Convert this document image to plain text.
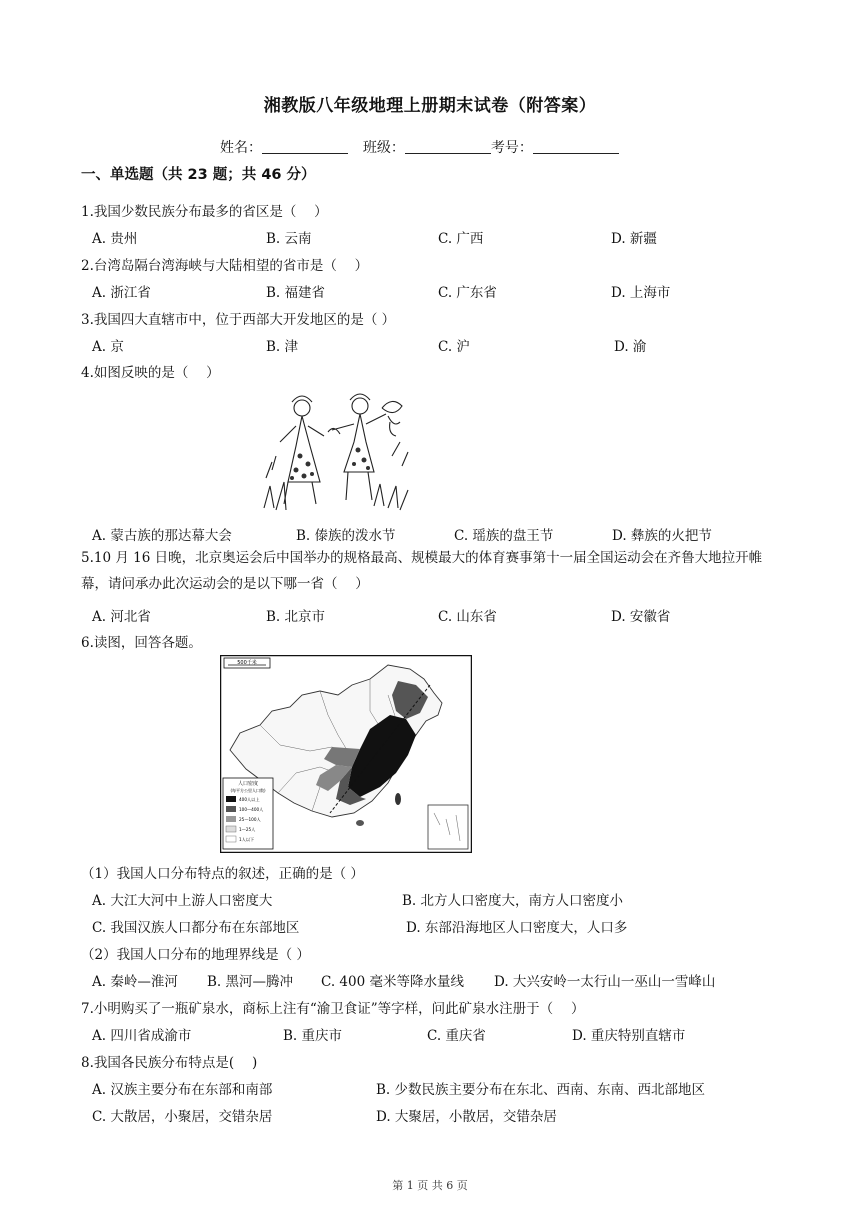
湘教版八年级地理上册期末试卷（附答案）
姓名：	班级：	考号：
一、单选题（共 23 题；共 46 分）
1.我国少数民族分布最多的省区是（　 ）
A. 贵州	B. 云南	C. 广西	D. 新疆
2.台湾岛隔台湾海峡与大陆相望的省市是（　 ）
A. 浙江省	B. 福建省	C. 广东省	D. 上海市
3.我国四大直辖市中，位于西部大开发地区的是（ ）
A. 京	B. 津	C. 沪	D. 渝
4.如图反映的是（　 ）
A. 蒙古族的那达幕大会	B. 傣族的泼水节	C. 瑶族的盘王节	D. 彝族的火把节
5.10 月 16 日晚，北京奥运会后中国举办的规格最高、规模最大的体育赛事第十一届全国运动会在齐鲁大地拉开帷幕，请问承办此次运动会的是以下哪一省（　 ）
A. 河北省	B. 北京市	C. 山东省	D. 安徽省
6.读图，回答各题。
500千米
人口密度
(每平方公里人口数)
400人以上
100—400人
25—100人
1—25人
1人以下
（1）我国人口分布特点的叙述，正确的是（ ）
A. 大江大河中上游人口密度大	B. 北方人口密度大，南方人口密度小
C. 我国汉族人口都分布在东部地区	D. 东部沿海地区人口密度大，人口多
（2）我国人口分布的地理界线是（ ）
A. 秦岭—淮河 B. 黑河—腾冲 C. 400 毫米等降水量线 D. 大兴安岭一太行山一巫山一雪峰山
7.小明购买了一瓶矿泉水，商标上注有“渝卫食证”等字样，问此矿泉水注册于（　 ）
A. 四川省成渝市	B. 重庆市	C. 重庆省	D. 重庆特别直辖市
8.我国各民族分布特点是(　 )
A. 汉族主要分布在东部和南部	B. 少数民族主要分布在东北、西南、东南、西北部地区
C. 大散居，小聚居，交错杂居	D. 大聚居，小散居，交错杂居
第 1 页 共 6 页
